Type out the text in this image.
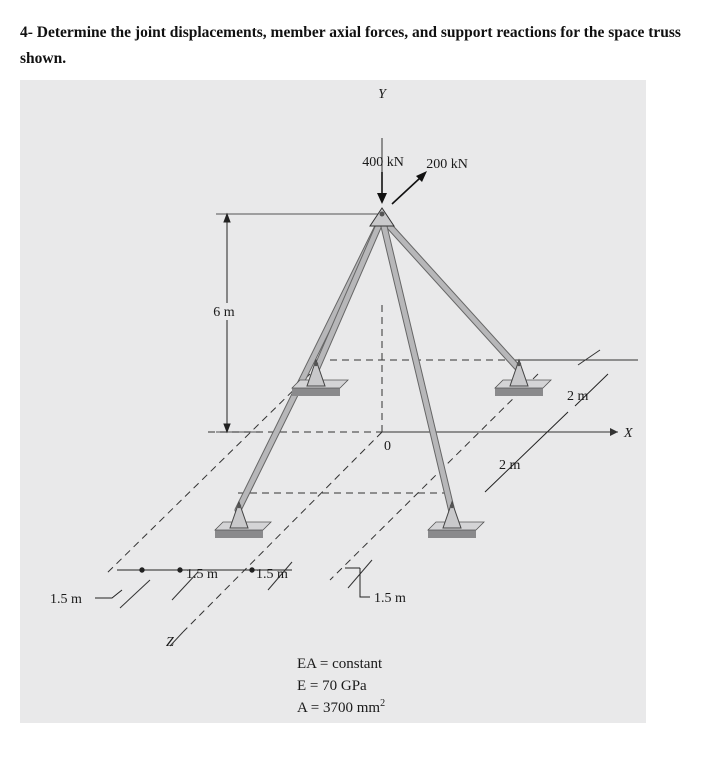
4- Determine the joint displacements, member axial forces, and support reactions for the space truss shown.

Y
X
Z
0
400 kN 200 kN
6 m
2 m
2 m
1.5 m
1.5 m	1.5 m
1.5 m
EA = constant
E = 70 GPa
A = 3700 $mm^2$
